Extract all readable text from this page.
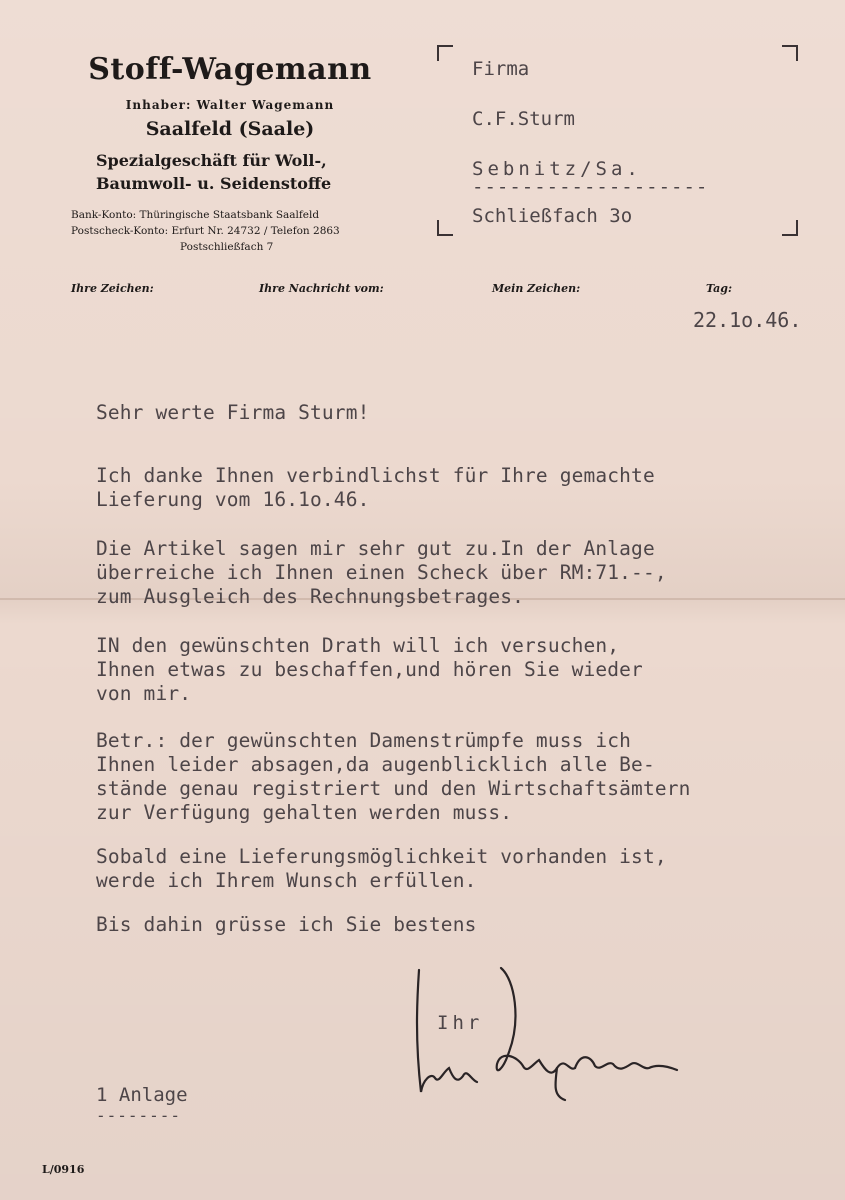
Stoff-Wagemann
Inhaber: Walter Wagemann
Saalfeld (Saale)
Spezialgeschäft für Woll-,
Baumwoll- u. Seidenstoffe
Bank-Konto: Thüringische Staatsbank Saalfeld
Postscheck-Konto: Erfurt Nr. 24732 / Telefon 2863
Postschließfach 7
Firma
C.F.Sturm
Sebnitz/Sa.
-------------------
Schließfach 3o
Ihre Zeichen:	Ihre Nachricht vom:	Mein Zeichen:	Tag:
22.1o.46.
Sehr werte Firma Sturm!
Ich danke Ihnen verbindlichst für Ihre gemachte
Lieferung vom 16.1o.46.
Die Artikel sagen mir sehr gut zu.In der Anlage
überreiche ich Ihnen einen Scheck über RM:71.--,
zum Ausgleich des Rechnungsbetrages.
IN den gewünschten Drath will ich versuchen,
Ihnen etwas zu beschaffen,und hören Sie wieder
von mir.
Betr.: der gewünschten Damenstrümpfe muss ich
Ihnen leider absagen,da augenblicklich alle Be-
stände genau registriert und den Wirtschaftsämtern
zur Verfügung gehalten werden muss.
Sobald eine Lieferungsmöglichkeit vorhanden ist,
werde ich Ihrem Wunsch erfüllen.
Bis dahin grüsse ich Sie bestens
Ihr
1 Anlage
--------
L/0916
